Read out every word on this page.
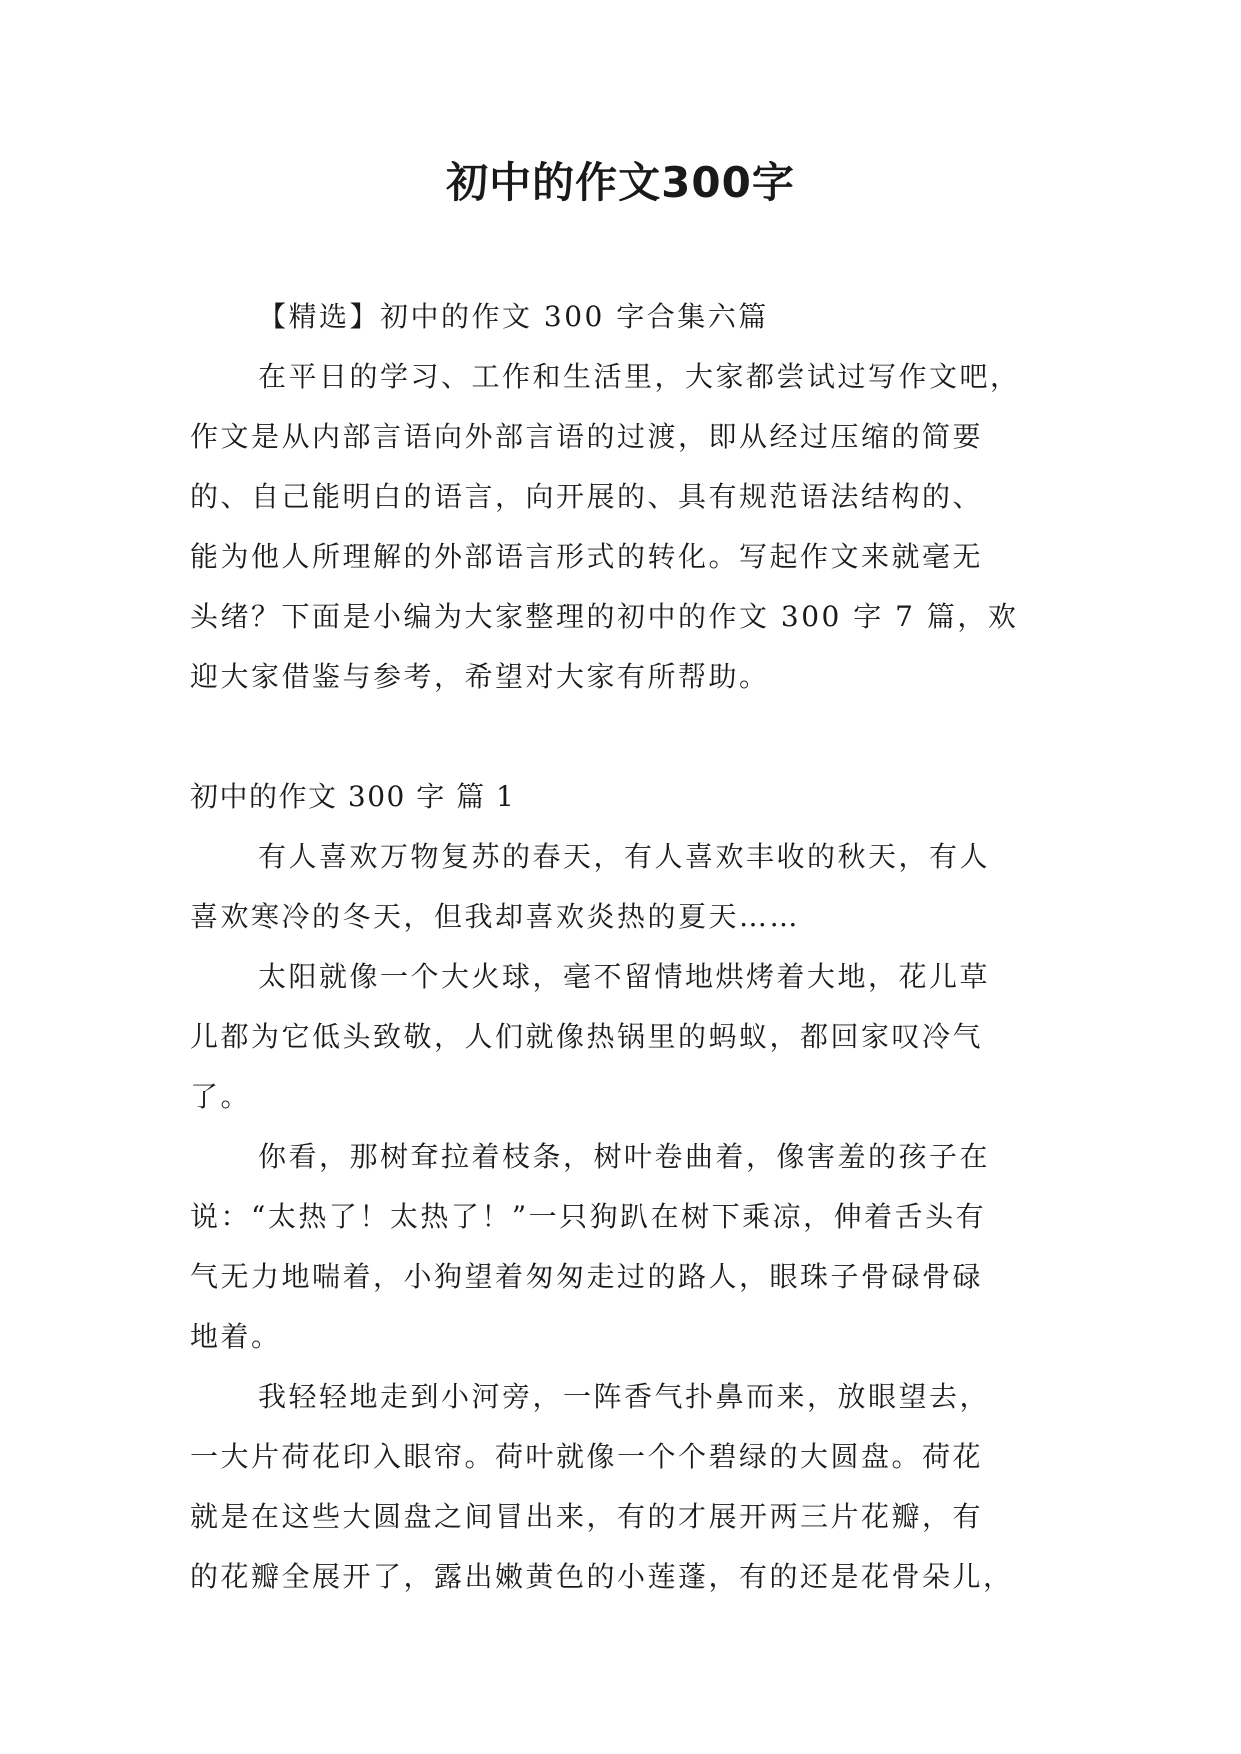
初中的作文300字
【精选】初中的作文 300 字合集六篇
在平日的学习、工作和生活里，大家都尝试过写作文吧，
作文是从内部言语向外部言语的过渡，即从经过压缩的简要
的、自己能明白的语言，向开展的、具有规范语法结构的、
能为他人所理解的外部语言形式的转化。写起作文来就毫无
头绪？下面是小编为大家整理的初中的作文 300 字 7 篇，欢
迎大家借鉴与参考，希望对大家有所帮助。
初中的作文 300 字 篇 1
有人喜欢万物复苏的春天，有人喜欢丰收的秋天，有人
喜欢寒冷的冬天，但我却喜欢炎热的夏天……
太阳就像一个大火球，毫不留情地烘烤着大地，花儿草
儿都为它低头致敬，人们就像热锅里的蚂蚁，都回家叹冷气
了。
你看，那树耷拉着枝条，树叶卷曲着，像害羞的孩子在
说：“太热了！太热了！”一只狗趴在树下乘凉，伸着舌头有
气无力地喘着，小狗望着匆匆走过的路人，眼珠子骨碌骨碌
地着。
我轻轻地走到小河旁，一阵香气扑鼻而来，放眼望去，
一大片荷花印入眼帘。荷叶就像一个个碧绿的大圆盘。荷花
就是在这些大圆盘之间冒出来，有的才展开两三片花瓣，有
的花瓣全展开了，露出嫩黄色的小莲蓬，有的还是花骨朵儿，
